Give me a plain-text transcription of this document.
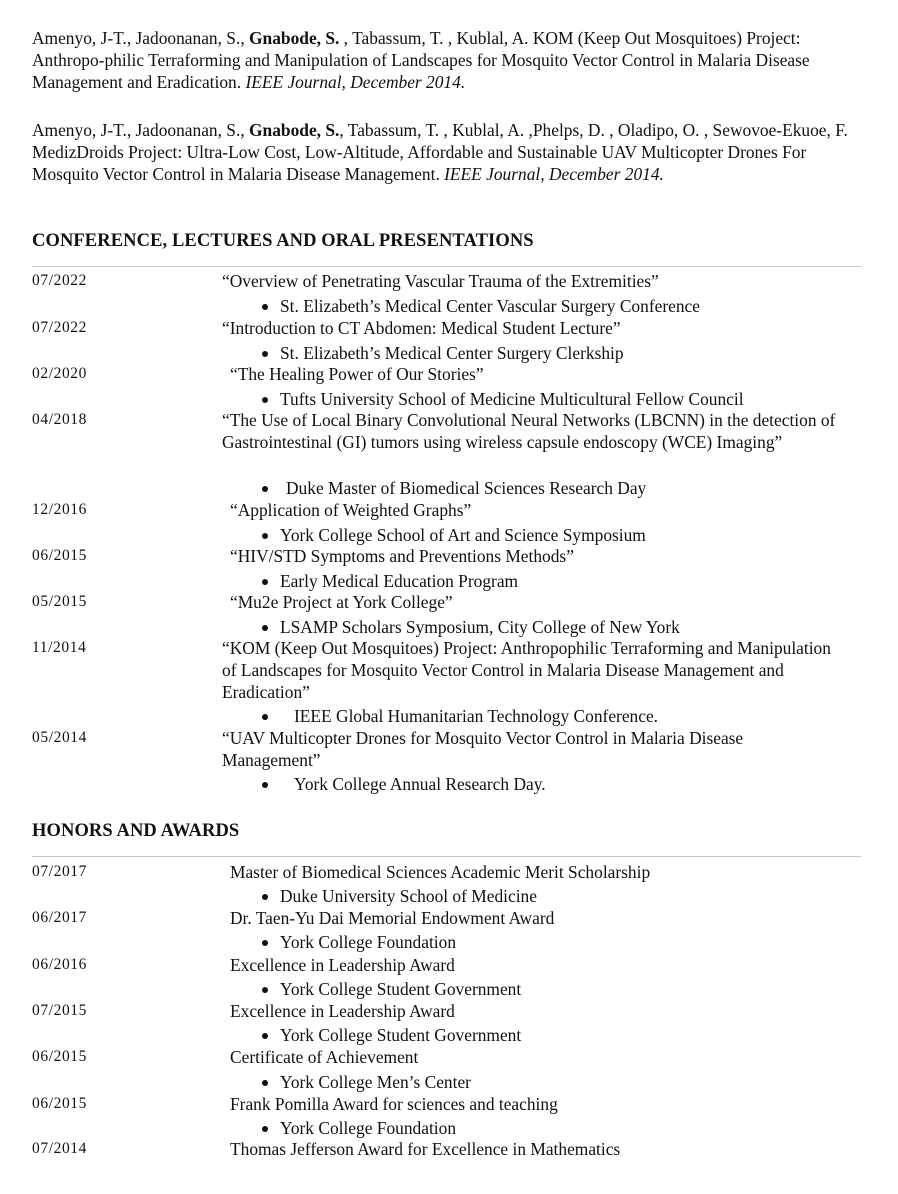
Amenyo, J-T., Jadoonanan, S., Gnabode, S. , Tabassum, T. , Kublal, A. KOM (Keep Out Mosquitoes) Project: Anthropo-philic Terraforming and Manipulation of Landscapes for Mosquito Vector Control in Malaria Disease Management and Eradication. IEEE Journal, December 2014.
Amenyo, J-T., Jadoonanan, S., Gnabode, S., Tabassum, T. , Kublal, A. ,Phelps, D. , Oladipo, O. , Sewovoe-Ekuoe, F. MedizDroids Project: Ultra-Low Cost, Low-Altitude, Affordable and Sustainable UAV Multicopter Drones For Mosquito Vector Control in Malaria Disease Management. IEEE Journal, December 2014.
CONFERENCE, LECTURES AND ORAL PRESENTATIONS
07/2022	“Overview of Penetrating Vascular Trauma of the Extremities”
St. Elizabeth’s Medical Center Vascular Surgery Conference
07/2022	“Introduction to CT Abdomen: Medical Student Lecture”
St. Elizabeth’s Medical Center Surgery Clerkship
02/2020	“The Healing Power of Our Stories”
Tufts University School of Medicine Multicultural Fellow Council
04/2018	“The Use of Local Binary Convolutional Neural Networks (LBCNN) in the detection of Gastrointestinal (GI) tumors using wireless capsule endoscopy (WCE) Imaging”
Duke Master of Biomedical Sciences Research Day
12/2016	“Application of Weighted Graphs”
York College School of Art and Science Symposium
06/2015	“HIV/STD Symptoms and Preventions Methods”
Early Medical Education Program
05/2015	“Mu2e Project at York College”
LSAMP Scholars Symposium, City College of New York
11/2014	“KOM (Keep Out Mosquitoes) Project: Anthropophilic Terraforming and Manipulation of Landscapes for Mosquito Vector Control in Malaria Disease Management and Eradication”
IEEE Global Humanitarian Technology Conference.
05/2014	“UAV Multicopter Drones for Mosquito Vector Control in Malaria Disease Management”
York College Annual Research Day.
HONORS AND AWARDS
07/2017	Master of Biomedical Sciences Academic Merit Scholarship
Duke University School of Medicine
06/2017	Dr. Taen-Yu Dai Memorial Endowment Award
York College Foundation
06/2016	Excellence in Leadership Award
York College Student Government
07/2015	Excellence in Leadership Award
York College Student Government
06/2015	Certificate of Achievement
York College Men’s Center
06/2015	Frank Pomilla Award for sciences and teaching
York College Foundation
07/2014	Thomas Jefferson Award for Excellence in Mathematics
